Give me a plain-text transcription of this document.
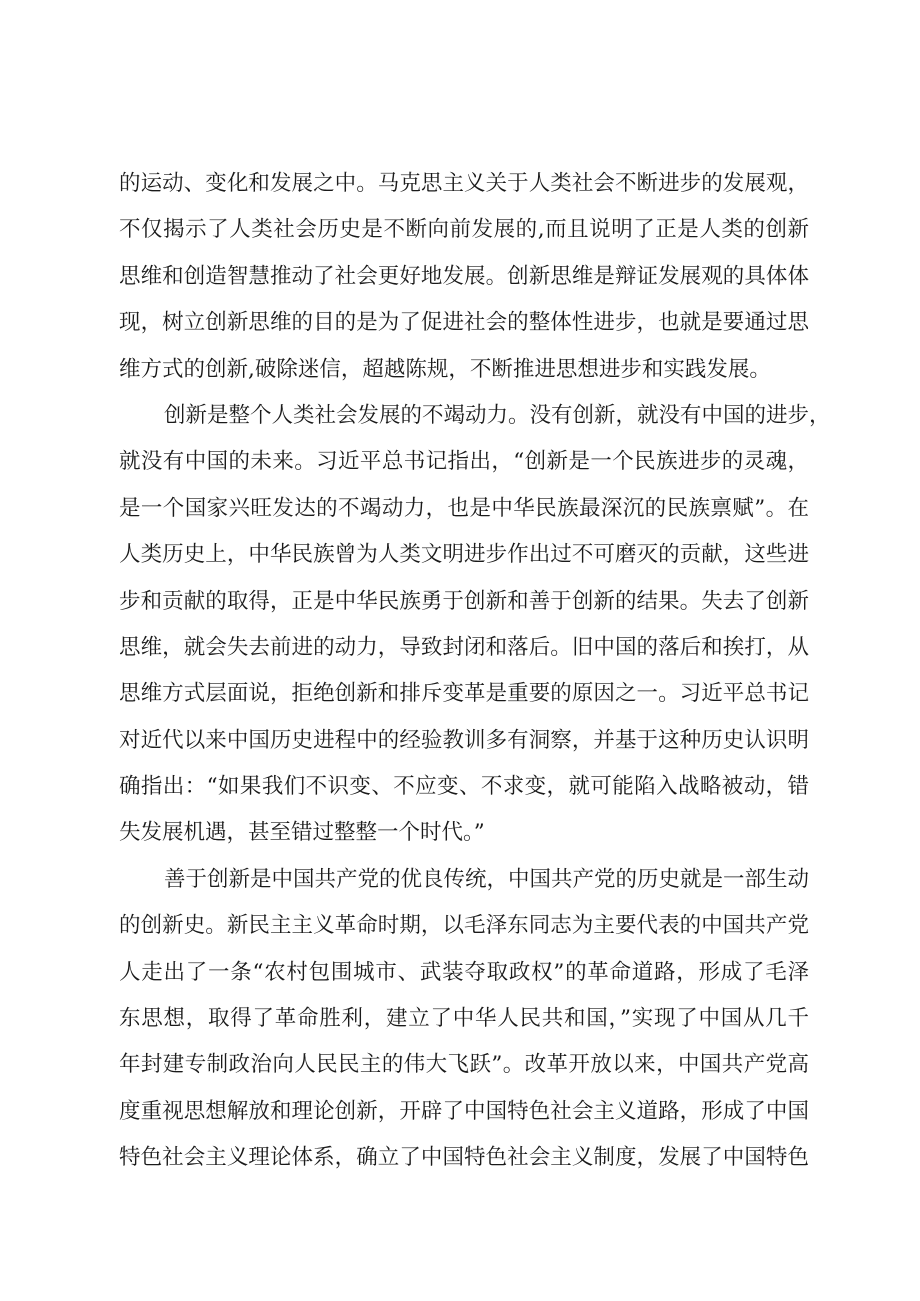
的运动、变化和发展之中。马克思主义关于人类社会不断进步的发展观，
不仅揭示了人类社会历史是不断向前发展的,而且说明了正是人类的创新
思维和创造智慧推动了社会更好地发展。创新思维是辩证发展观的具体体
现，树立创新思维的目的是为了促进社会的整体性进步，也就是要通过思
维方式的创新,破除迷信，超越陈规，不断推进思想进步和实践发展。
创新是整个人类社会发展的不竭动力。没有创新，就没有中国的进步，
就没有中国的未来。习近平总书记指出，“创新是一个民族进步的灵魂，
是一个国家兴旺发达的不竭动力，也是中华民族最深沉的民族禀赋”。在
人类历史上，中华民族曾为人类文明进步作出过不可磨灭的贡献，这些进
步和贡献的取得，正是中华民族勇于创新和善于创新的结果。失去了创新
思维，就会失去前进的动力，导致封闭和落后。旧中国的落后和挨打，从
思维方式层面说，拒绝创新和排斥变革是重要的原因之一。习近平总书记
对近代以来中国历史进程中的经验教训多有洞察，并基于这种历史认识明
确指出：“如果我们不识变、不应变、不求变，就可能陷入战略被动，错
失发展机遇，甚至错过整整一个时代。”
善于创新是中国共产党的优良传统，中国共产党的历史就是一部生动
的创新史。新民主主义革命时期，以毛泽东同志为主要代表的中国共产党
人走出了一条“农村包围城市、武装夺取政权”的革命道路，形成了毛泽
东思想，取得了革命胜利，建立了中华人民共和国，”实现了中国从几千
年封建专制政治向人民民主的伟大飞跃”。改革开放以来，中国共产党高
度重视思想解放和理论创新，开辟了中国特色社会主义道路，形成了中国
特色社会主义理论体系，确立了中国特色社会主义制度，发展了中国特色
